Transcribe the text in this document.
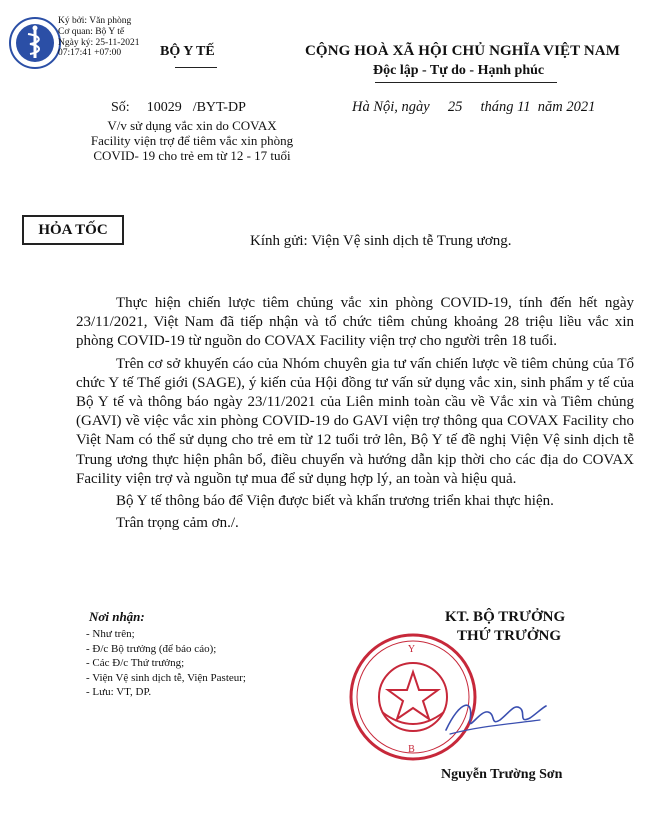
Ký bởi: Văn phòng
Cơ quan: Bộ Y tế
Ngày ký: 25-11-2021
07:17:41 +07:00	BỘ Y TẾ	CỘNG HOÀ XÃ HỘI CHỦ NGHĨA VIỆT NAM
Độc lập - Tự do - Hạnh phúc
Số: 10029 /BYT-DP	Hà Nội, ngày     25     tháng 11  năm 2021
V/v sử dụng vắc xin do COVAX Facility viện trợ để tiêm vắc xin phòng COVID- 19 cho trẻ em từ 12 - 17 tuổi
HỎA TỐC
Kính gửi: Viện Vệ sinh dịch tễ Trung ương.

Thực hiện chiến lược tiêm chủng vắc xin phòng COVID-19, tính đến hết ngày 23/11/2021, Việt Nam đã tiếp nhận và tổ chức tiêm chủng khoảng 28 triệu liều vắc xin phòng COVID-19 từ nguồn do COVAX Facility viện trợ cho người trên 18 tuổi.

Trên cơ sở khuyến cáo của Nhóm chuyên gia tư vấn chiến lược về tiêm chủng của Tổ chức Y tế Thế giới (SAGE), ý kiến của Hội đồng tư vấn sử dụng vắc xin, sinh phẩm y tế của Bộ Y tế và thông báo ngày 23/11/2021 của Liên minh toàn cầu về Vắc xin và Tiêm chủng (GAVI) về việc vắc xin phòng COVID-19 do GAVI viện trợ thông qua COVAX Facility cho Việt Nam có thể sử dụng cho trẻ em từ 12 tuổi trở lên, Bộ Y tế đề nghị Viện Vệ sinh dịch tễ Trung ương thực hiện phân bổ, điều chuyển và hướng dẫn kịp thời cho các địa do COVAX Facility viện trợ và nguồn tự mua để sử dụng hợp lý, an toàn và hiệu quả.

Bộ Y tế thông báo để Viện được biết và khẩn trương triển khai thực hiện.

Trân trọng cảm ơn./.

Nơi nhận:
- Như trên;
- Đ/c Bộ trưởng (để báo cáo);
- Các Đ/c Thứ trưởng;
- Viện Vệ sinh dịch tễ, Viện Pasteur;
- Lưu: VT, DP.
Y
B
KT. BỘ TRƯỞNG
THỨ TRƯỞNG
Nguyễn Trường Sơn
